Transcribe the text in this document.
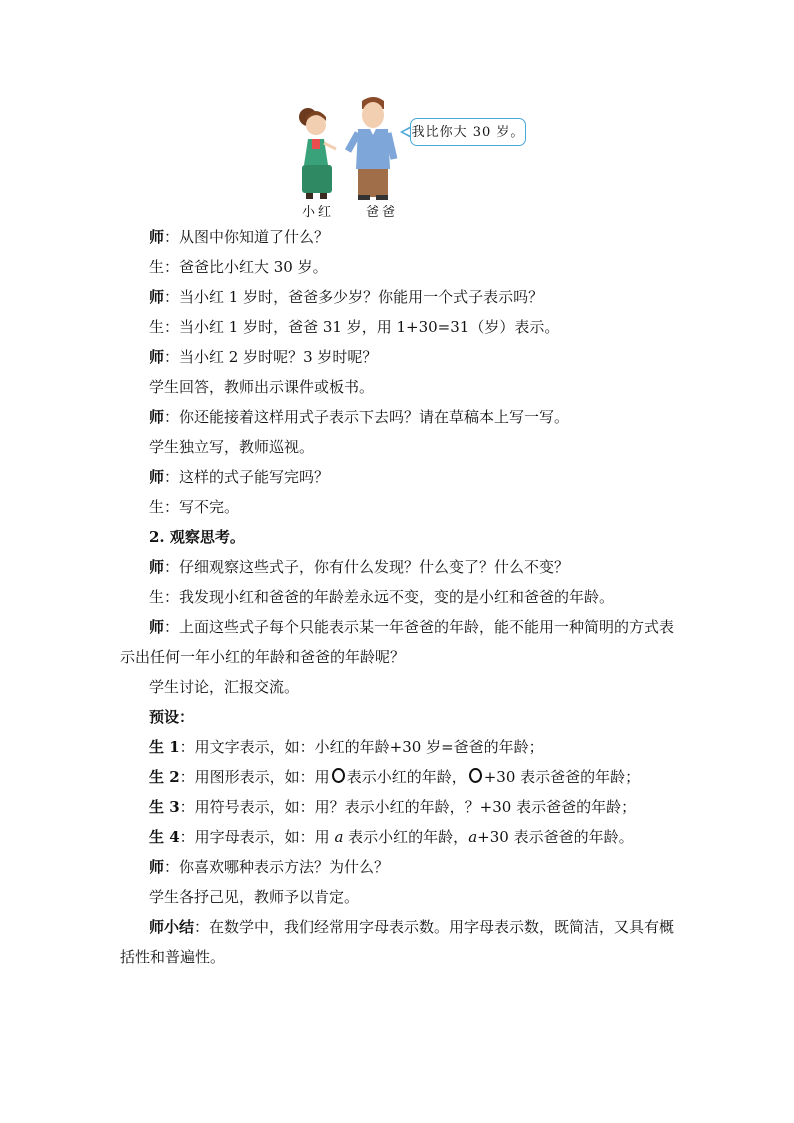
我比你大 30 岁。
小红 爸爸
师：从图中你知道了什么？
生：爸爸比小红大 30 岁。
师：当小红 1 岁时，爸爸多少岁？你能用一个式子表示吗？
生：当小红 1 岁时，爸爸 31 岁，用 1+30=31（岁）表示。
师：当小红 2 岁时呢？3 岁时呢？
学生回答，教师出示课件或板书。
师：你还能接着这样用式子表示下去吗？请在草稿本上写一写。
学生独立写，教师巡视。
师：这样的式子能写完吗？
生：写不完。
2. 观察思考。
师：仔细观察这些式子，你有什么发现？什么变了？什么不变？
生：我发现小红和爸爸的年龄差永远不变，变的是小红和爸爸的年龄。
师：上面这些式子每个只能表示某一年爸爸的年龄，能不能用一种简明的方式表示出任何一年小红的年龄和爸爸的年龄呢？
学生讨论，汇报交流。
预设：
生 1：用文字表示，如：小红的年龄+30 岁=爸爸的年龄；
生 2：用图形表示，如：用 表示小红的年龄， +30 表示爸爸的年龄；
生 3：用符号表示，如：用？表示小红的年龄，？+30 表示爸爸的年龄；
生 4：用字母表示，如：用 a 表示小红的年龄，a+30 表示爸爸的年龄。
师：你喜欢哪种表示方法？为什么？
学生各抒己见，教师予以肯定。
师小结：在数学中，我们经常用字母表示数。用字母表示数，既简洁，又具有概括性和普遍性。
